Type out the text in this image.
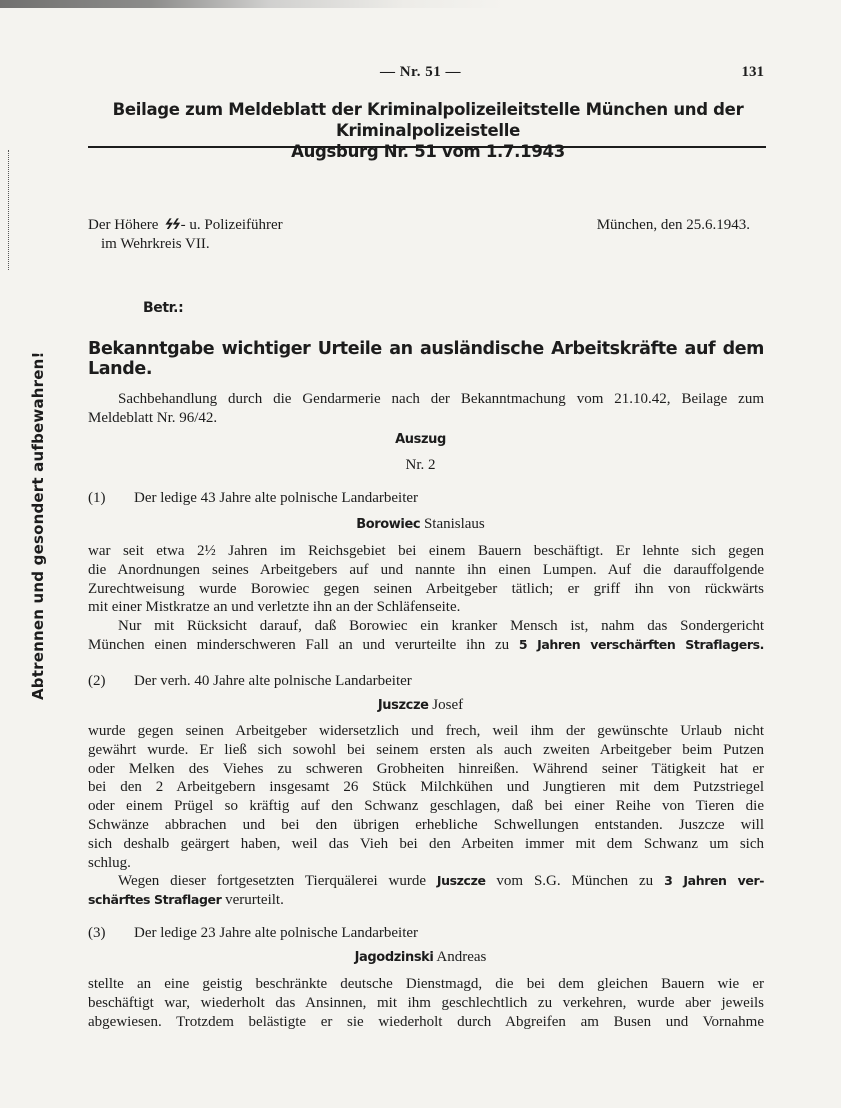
— Nr. 51 —	131
Beilage zum Meldeblatt der Kriminalpolizeileitstelle München und der Kriminalpolizeistelle
Augsburg Nr. 51 vom 1.7.1943
Abtrennen und gesondert aufbewahren!
Der Höhere ϟϟ- u. Polizeiführer
im Wehrkreis VII.
München, den 25.6.1943.
Betr.:
Bekanntgabe wichtiger Urteile an ausländische Arbeitskräfte auf dem Lande.
Sachbehandlung durch die Gendarmerie nach der Bekanntmachung vom 21.10.42, Beilage zum
Meldeblatt Nr. 96/42.
Auszug
Nr. 2
(1) Der ledige 43 Jahre alte polnische Landarbeiter
Borowiec Stanislaus
war seit etwa 2½ Jahren im Reichsgebiet bei einem Bauern beschäftigt. Er lehnte sich gegen
die Anordnungen seines Arbeitgebers auf und nannte ihn einen Lumpen. Auf die darauffolgende
Zurechtweisung wurde Borowiec gegen seinen Arbeitgeber tätlich; er griff ihn von rückwärts
mit einer Mistkratze an und verletzte ihn an der Schläfenseite.
Nur mit Rücksicht darauf, daß Borowiec ein kranker Mensch ist, nahm das Sondergericht
München einen minderschweren Fall an und verurteilte ihn zu 5 Jahren verschärften Straflagers.
(2) Der verh. 40 Jahre alte polnische Landarbeiter
Juszcze Josef
wurde gegen seinen Arbeitgeber widersetzlich und frech, weil ihm der gewünschte Urlaub nicht
gewährt wurde. Er ließ sich sowohl bei seinem ersten als auch zweiten Arbeitgeber beim Putzen
oder Melken des Viehes zu schweren Grobheiten hinreißen. Während seiner Tätigkeit hat er
bei den 2 Arbeitgebern insgesamt 26 Stück Milchkühen und Jungtieren mit dem Putzstriegel
oder einem Prügel so kräftig auf den Schwanz geschlagen, daß bei einer Reihe von Tieren die
Schwänze abbrachen und bei den übrigen erhebliche Schwellungen entstanden. Juszcze will
sich deshalb geärgert haben, weil das Vieh bei den Arbeiten immer mit dem Schwanz um sich
schlug.
Wegen dieser fortgesetzten Tierquälerei wurde Juszcze vom S.G. München zu 3 Jahren ver-
schärftes Straflager verurteilt.
(3) Der ledige 23 Jahre alte polnische Landarbeiter
Jagodzinski Andreas
stellte an eine geistig beschränkte deutsche Dienstmagd, die bei dem gleichen Bauern wie er
beschäftigt war, wiederholt das Ansinnen, mit ihm geschlechtlich zu verkehren, wurde aber jeweils
abgewiesen. Trotzdem belästigte er sie wiederholt durch Abgreifen am Busen und Vornahme
